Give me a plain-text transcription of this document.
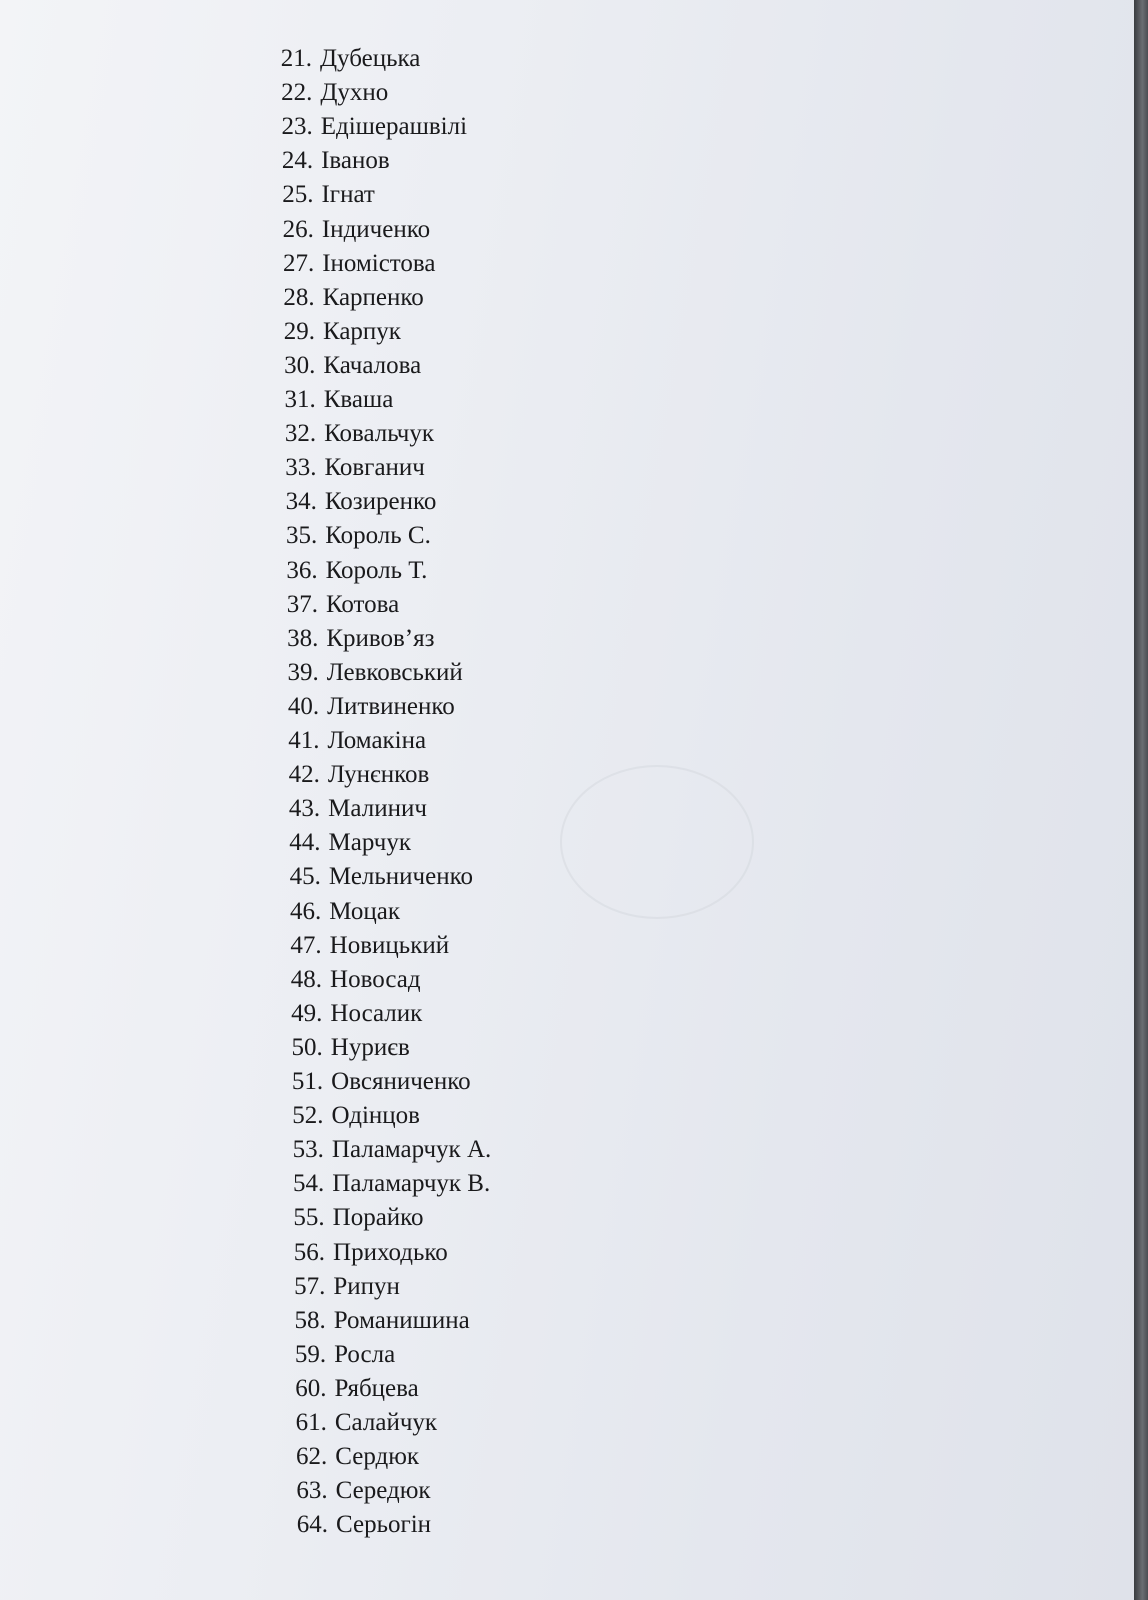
21. Дубецька
22. Духно
23. Едішерашвілі
24. Іванов
25. Ігнат
26. Індиченко
27. Іномістова
28. Карпенко
29. Карпук
30. Качалова
31. Кваша
32. Ковальчук
33. Ковганич
34. Козиренко
35. Король С.
36. Король Т.
37. Котова
38. Кривов’яз
39. Левковський
40. Литвиненко
41. Ломакіна
42. Лунєнков
43. Малинич
44. Марчук
45. Мельниченко
46. Моцак
47. Новицький
48. Новосад
49. Носалик
50. Нуриєв
51. Овсяниченко
52. Одінцов
53. Паламарчук А.
54. Паламарчук В.
55. Порайко
56. Приходько
57. Рипун
58. Романишина
59. Росла
60. Рябцева
61. Салайчук
62. Сердюк
63. Середюк
64. Серьогін
